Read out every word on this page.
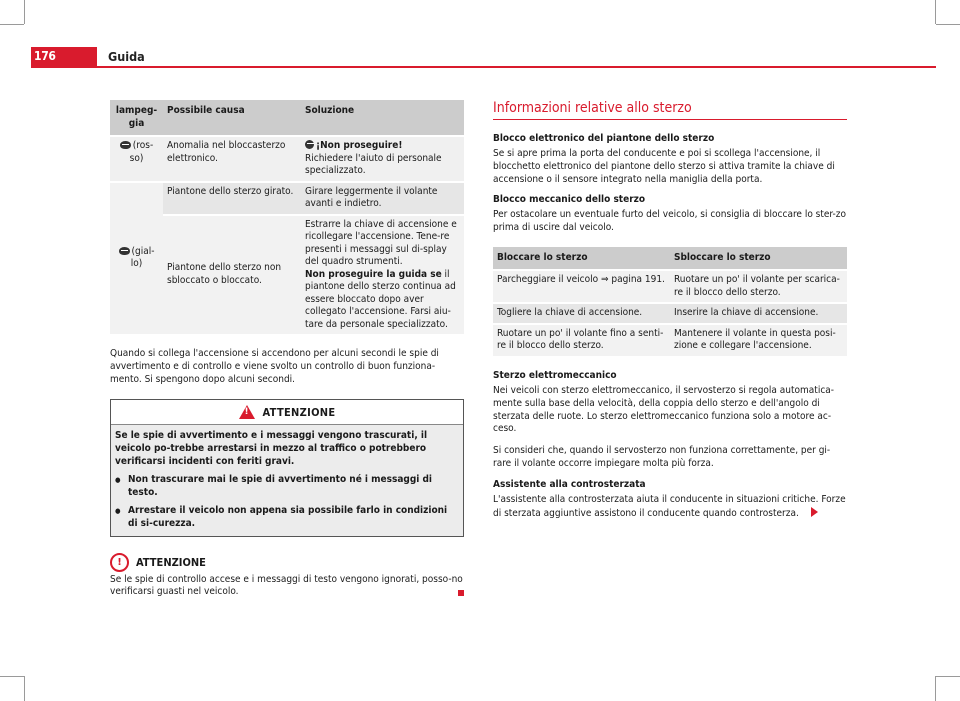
176	Guida
lampeg-gia	Possibile causa	Soluzione
(ros-so)	Anomalia nel bloccasterzo elettronico.	¡Non proseguire!
Richiedere l'aiuto di personale specializzato.
(gial-lo)	Piantone dello sterzo girato.	Girare leggermente il volante avanti e indietro.
	Piantone dello sterzo non sbloccato o bloccato.	Estrarre la chiave di accensione e ricollegare l'accensione. Tene-re presenti i messaggi sul di-splay del quadro strumenti.
Non proseguire la guida se il piantone dello sterzo continua ad essere bloccato dopo aver collegato l'accensione. Farsi aiu-tare da personale specializzato.

Quando si collega l'accensione si accendono per alcuni secondi le spie di avvertimento e di controllo e viene svolto un controllo di buon funziona-mento. Si spengono dopo alcuni secondi.

! ATTENZIONE
Se le spie di avvertimento e i messaggi vengono trascurati, il veicolo po-trebbe arrestarsi in mezzo al traffico o potrebbero verificarsi incidenti con feriti gravi.
● Non trascurare mai le spie di avvertimento né i messaggi di testo.
● Arrestare il veicolo non appena sia possibile farlo in condizioni di si-curezza.
!	ATTENZIONE

Se le spie di controllo accese e i messaggi di testo vengono ignorati, posso-no verificarsi guasti nel veicolo.

Informazioni relative allo sterzo
Blocco elettronico del piantone dello sterzo

Se si apre prima la porta del conducente e poi si scollega l'accensione, il blocchetto elettronico del piantone dello sterzo si attiva tramite la chiave di accensione o il sensore integrato nella maniglia della porta.

Blocco meccanico dello sterzo

Per ostacolare un eventuale furto del veicolo, si consiglia di bloccare lo ster-zo prima di uscire dal veicolo.

Bloccare lo sterzo	Sbloccare lo sterzo
Parcheggiare il veicolo ⇒ pagina 191.	Ruotare un po' il volante per scarica-re il blocco dello sterzo.
Togliere la chiave di accensione.	Inserire la chiave di accensione.
Ruotare un po' il volante fino a senti-re il blocco dello sterzo.	Mantenere il volante in questa posi-zione e collegare l'accensione.
Sterzo elettromeccanico

Nei veicoli con sterzo elettromeccanico, il servosterzo si regola automatica-mente sulla base della velocità, della coppia dello sterzo e dell'angolo di sterzata delle ruote. Lo sterzo elettromeccanico funziona solo a motore ac-ceso.

Si consideri che, quando il servosterzo non funziona correttamente, per gi-rare il volante occorre impiegare molta più forza.

Assistente alla controsterzata

L'assistente alla controsterzata aiuta il conducente in situazioni critiche. Forze di sterzata aggiuntive assistono il conducente quando controsterza.
